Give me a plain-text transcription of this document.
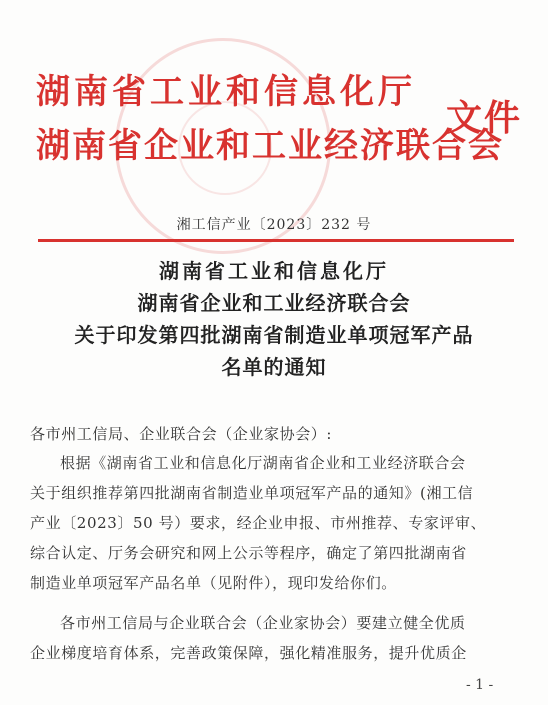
湖南省工业和信息化厅
湖南省企业和工业经济联合会
文件
湘工信产业〔2023〕232 号
湖南省工业和信息化厅
湖南省企业和工业经济联合会
关于印发第四批湖南省制造业单项冠军产品
名单的通知
各市州工信局、企业联合会（企业家协会）:
根据《湖南省工业和信息化厅湖南省企业和工业经济联合会
关于组织推荐第四批湖南省制造业单项冠军产品的通知》(湘工信
产业〔2023〕50 号）要求，经企业申报、市州推荐、专家评审、
综合认定、厅务会研究和网上公示等程序，确定了第四批湖南省
制造业单项冠军产品名单（见附件），现印发给你们。
各市州工信局与企业联合会（企业家协会）要建立健全优质
企业梯度培育体系，完善政策保障，强化精准服务，提升优质企
- 1 -
